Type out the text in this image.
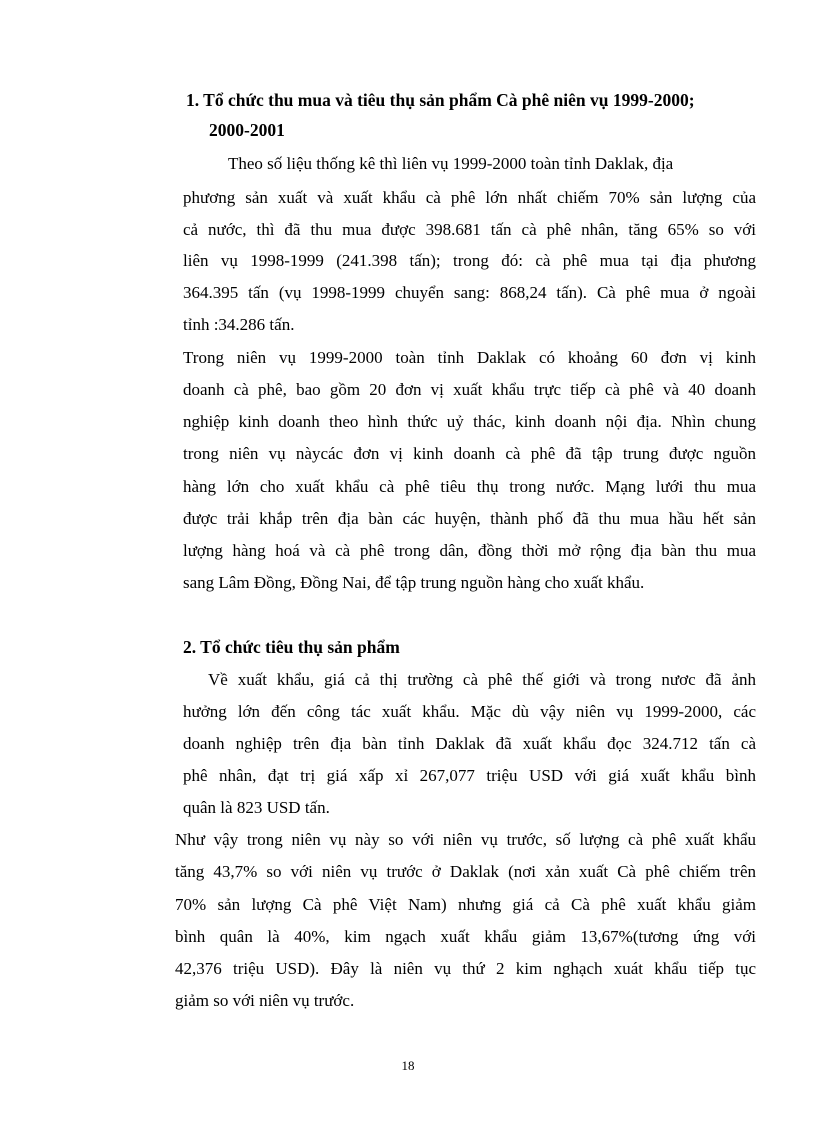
1. Tổ chức thu mua và tiêu thụ sản phẩm Cà phê niên vụ 1999-2000;
2000-2001
Theo số liệu thống kê thì liên vụ 1999-2000 toàn tỉnh Daklak, địa
phương sản xuất và xuất khẩu cà phê lớn nhất chiếm 70% sản lượng của
cả nước, thì đã thu mua được 398.681 tấn cà phê nhân, tăng 65% so với
liên vụ 1998-1999 (241.398 tấn); trong đó: cà phê mua tại địa phương
364.395 tấn (vụ 1998-1999 chuyển sang: 868,24 tấn). Cà phê mua ở ngoài
tỉnh :34.286 tấn.
Trong niên vụ 1999-2000 toàn tỉnh Daklak có khoảng 60 đơn vị kinh
doanh cà phê, bao gồm 20 đơn vị xuất khẩu trực tiếp cà phê và 40 doanh
nghiệp kinh doanh theo hình thức uỷ thác, kinh doanh nội địa. Nhìn chung
trong niên vụ nàycác đơn vị kinh doanh cà phê đã tập trung được nguồn
hàng lớn cho xuất khẩu cà phê tiêu thụ trong nước. Mạng lưới thu mua
được trải khắp trên địa bàn các huyện, thành phố đã thu mua hầu hết sản
lượng hàng hoá và cà phê trong dân, đồng thời mở rộng địa bàn thu mua
sang Lâm Đồng, Đồng Nai, để tập trung nguồn hàng cho xuất khẩu.
2. Tổ chức tiêu thụ sản phẩm
Về xuất khẩu, giá cả thị trường cà phê thế giới và trong nươc đã ảnh
hưởng lớn đến công tác xuất khẩu. Mặc dù vậy niên vụ 1999-2000, các
doanh nghiệp trên địa bàn tỉnh Daklak đã xuất khẩu đọc 324.712 tấn cà
phê nhân, đạt trị giá xấp xỉ 267,077 triệu USD với giá xuất khẩu bình
quân là 823 USD tấn.
Như vậy trong niên vụ này so với niên vụ trước, số lượng cà phê xuất khẩu
tăng 43,7% so với niên vụ trước ở Daklak (nơi xản xuất Cà phê chiếm trên
70% sản lượng Cà phê Việt Nam) nhưng giá cả Cà phê xuất khẩu giảm
bình quân là 40%, kim ngạch xuất khẩu giảm 13,67%(tương ứng với
42,376 triệu USD). Đây là niên vụ thứ 2 kim nghạch xuát khẩu tiếp tục
giảm so với niên vụ trước.
18
